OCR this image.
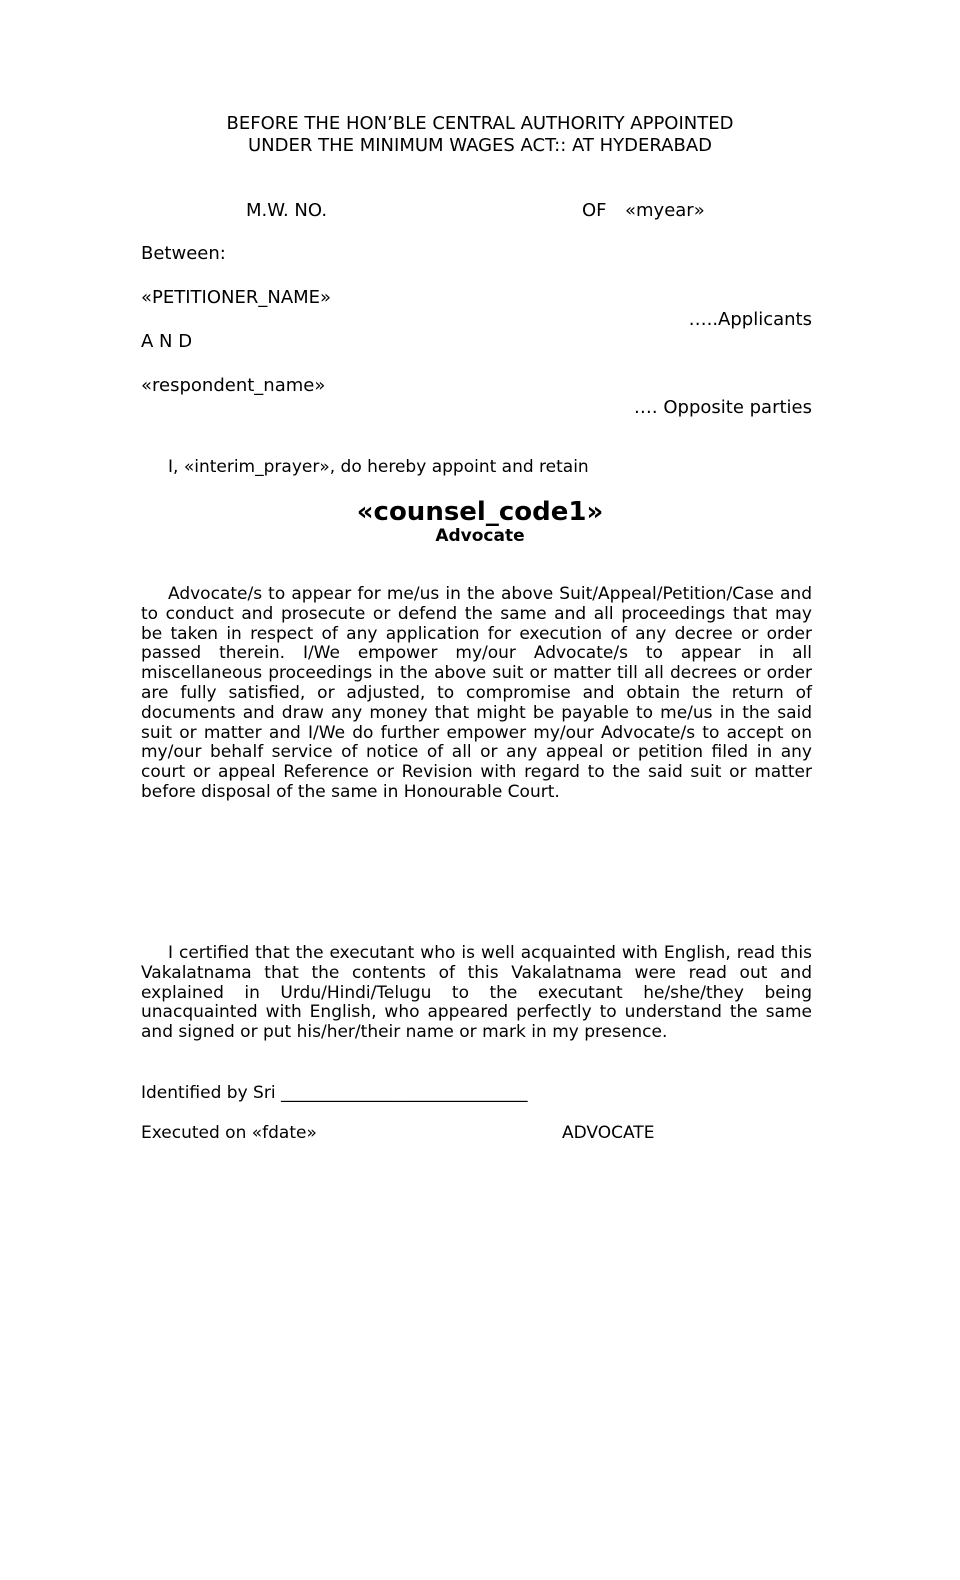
BEFORE THE HON’BLE CENTRAL AUTHORITY APPOINTED
UNDER THE MINIMUM WAGES ACT:: AT HYDERABAD
M.W. NO.	OF «myear»
Between:
«PETITIONER_NAME»
…..Applicants
A N D
«respondent_name»
…. Opposite parties
I, «interim_prayer», do hereby appoint and retain
«counsel_code1»
Advocate
Advocate/s to appear for me/us in the above Suit/Appeal/Petition/Case and to conduct and prosecute or defend the same and all proceedings that may be taken in respect of any application for execution of any decree or order passed therein. I/We empower my/our Advocate/s to appear in all miscellaneous proceedings in the above suit or matter till all decrees or order are fully satisfied, or adjusted, to compromise and obtain the return of documents and draw any money that might be payable to me/us in the said suit or matter and I/We do further empower my/our Advocate/s to accept on my/our behalf service of notice of all or any appeal or petition filed in any court or appeal Reference or Revision with regard to the said suit or matter before disposal of the same in Honourable Court.
I certified that the executant who is well acquainted with English, read this Vakalatnama that the contents of this Vakalatnama were read out and explained in Urdu/Hindi/Telugu to the executant he/she/they being unacquainted with English, who appeared perfectly to understand the same and signed or put his/her/their name or mark in my presence.
Identified by Sri _____________________________
Executed on «fdate»	ADVOCATE
